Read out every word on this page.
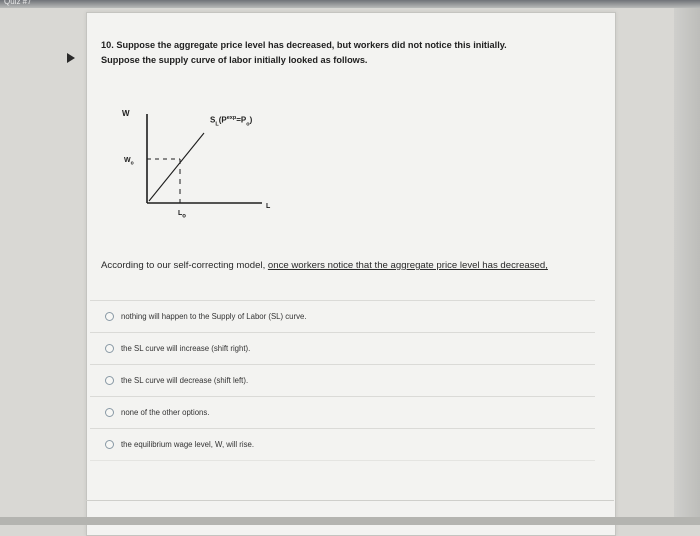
Quiz #7

10. Suppose the aggregate price level has decreased, but workers did not notice this initially.

Suppose the supply curve of labor initially looked as follows.

W
$W_o$
L
$L_o$
$S_L(P^{exp}=P_o)$
According to our self-correcting model, once workers notice that the aggregate price level has decreased,
nothing will happen to the Supply of Labor (SL) curve.
the SL curve will increase (shift right).
the SL curve will decrease (shift left).
none of the other options.
the equilibrium wage level, W, will rise.
